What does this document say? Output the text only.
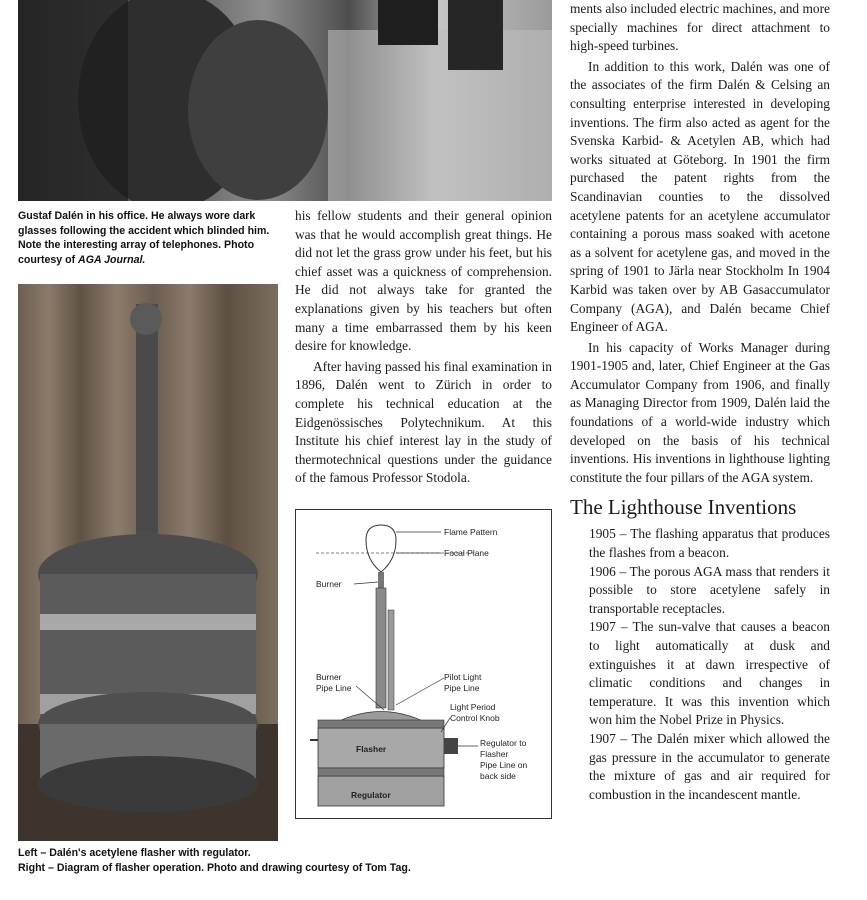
Gustaf Dalén in his office. He always wore dark glasses following the accident which blinded him. Note the interesting array of telephones. Photo courtesy of AGA Journal.
Left – Dalén's acetylene flasher with regulator.
Right – Diagram of flasher operation. Photo and drawing courtesy of Tom Tag.

his fellow students and their general opinion was that he would accomplish great things. He did not let the grass grow under his feet, but his chief asset was a quickness of comprehension. He did not always take for granted the explanations given by his teachers but often many a time embarrassed them by his keen desire for knowledge.

After having passed his final examination in 1896, Dalén went to Zürich in order to complete his technical education at the Eidgenössisches Polytechnikum. At this Institute his chief interest lay in the study of thermotechnical questions under the guidance of the famous Professor Stodola.

Flame Pattern
Focal Plane
Burner
Burner
Pipe Line
Pilot Light
Pipe Line
Light Period
Control Knob
Regulator to
Flasher
Pipe Line on
back side
Flasher
Regulator

ments also included electric machines, and more specially machines for direct attachment to high-speed turbines.

In addition to this work, Dalén was one of the associates of the firm Dalén & Celsing an consulting enterprise interested in developing inventions. The firm also acted as agent for the Svenska Karbid- & Acetylen AB, which had works situated at Göteborg. In 1901 the firm purchased the patent rights from the Scandinavian counties to the dissolved acetylene patents for an acetylene accumulator containing a porous mass soaked with acetone as a solvent for acetylene gas, and moved in the spring of 1901 to Järla near Stockholm In 1904 Karbid was taken over by AB Gasaccumulator Company (AGA), and Dalén became Chief Engineer of AGA.

In his capacity of Works Manager during 1901-1905 and, later, Chief Engineer at the Gas Accumulator Company from 1906, and finally as Managing Director from 1909, Dalén laid the foundations of a world-wide industry which developed on the basis of his technical inventions. His inventions in lighthouse lighting constitute the four pillars of the AGA system.

The Lighthouse Inventions

1905 – The flashing apparatus that produces the flashes from a beacon.

1906 – The porous AGA mass that renders it possible to store acetylene safely in transportable receptacles.

1907 – The sun-valve that causes a beacon to light automatically at dusk and extinguishes it at dawn irrespective of climatic conditions and changes in temperature. It was this invention which won him the Nobel Prize in Physics.

1907 – The Dalén mixer which allowed the gas pressure in the accumulator to generate the mixture of gas and air required for combustion in the incandescent mantle.
